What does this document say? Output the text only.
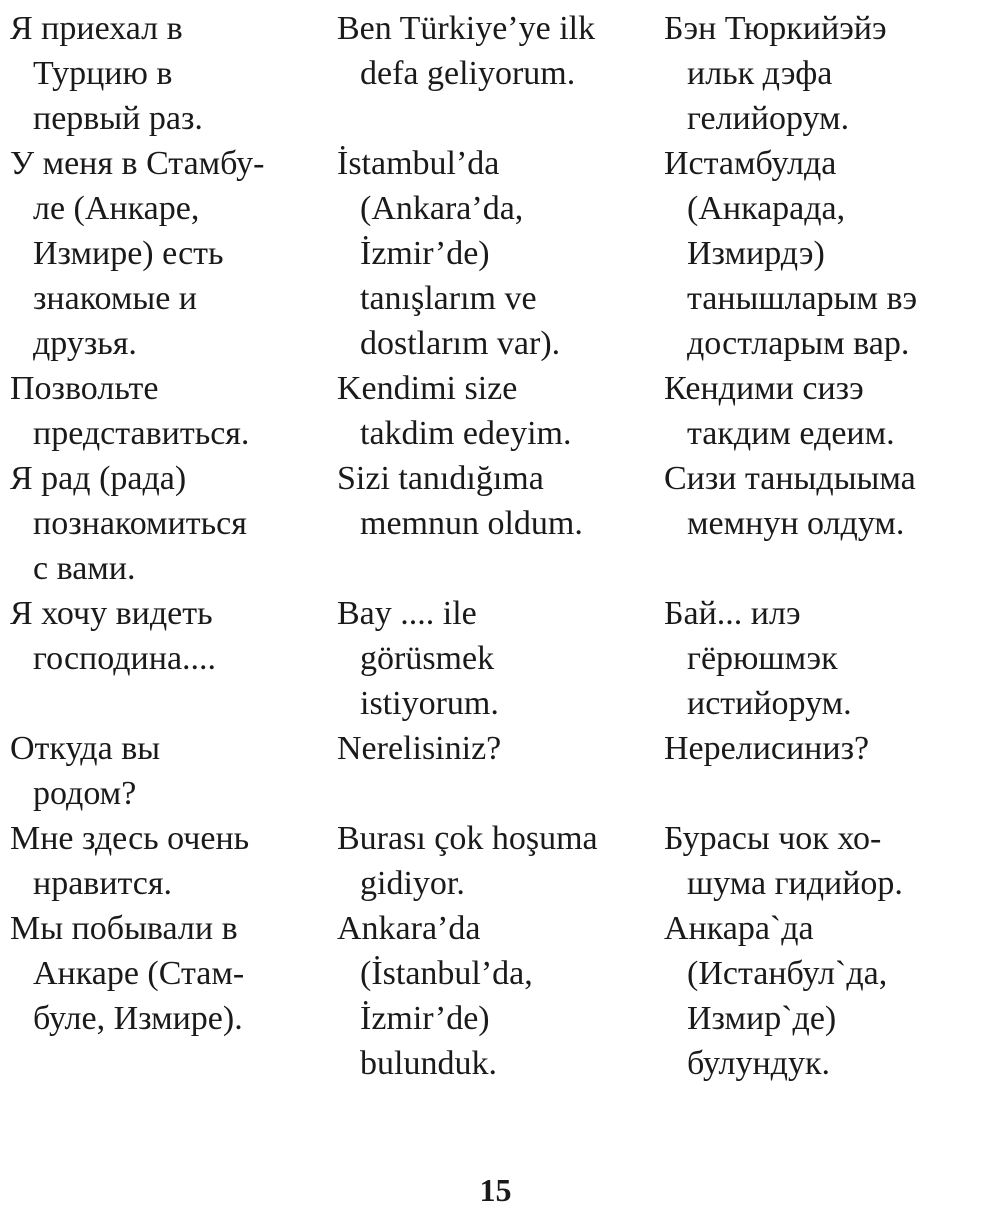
Я приехал в
Турцию в
первый раз.
Ben Türkiye’ye ilk
defa geliyorum.
Бэн Тюркийэйэ
ильк дэфа
гелийорум.
У меня в Стамбу-
ле (Анкаре,
Измире) есть
знакомые и
друзья.
İstambul’da
(Ankara’da,
İzmir’de)
tanışlarım ve
dostlarım var).
Истамбулда
(Анкарада,
Измирдэ)
танышларым вэ
достларым вар.
Позвольте
представиться.
Kendimi size
takdim edeyim.
Кендими сизэ
такдим едеим.
Я рад (рада)
познакомиться
с вами.
Sizi tanıdığıma
memnun oldum.
Сизи таныдыыма
мемнун олдум.
Я хочу видеть
господина....
Bay .... ile
görüsmek
istiyorum.
Бай... илэ
гёрюшмэк
истийорум.
Откуда вы
родом?
Nerelisiniz?	Нерелисиниз?
Мне здесь очень
нравится.
Burası çok hoşuma
gidiyor.
Бурасы чок хо-
шума гидийор.
Мы побывали в
Анкаре (Стам-
буле, Измире).
Ankara’da
(İstanbul’da,
İzmir’de)
bulunduk.
Анкара`да
(Истанбул`да,
Измир`де)
булундук.
15
